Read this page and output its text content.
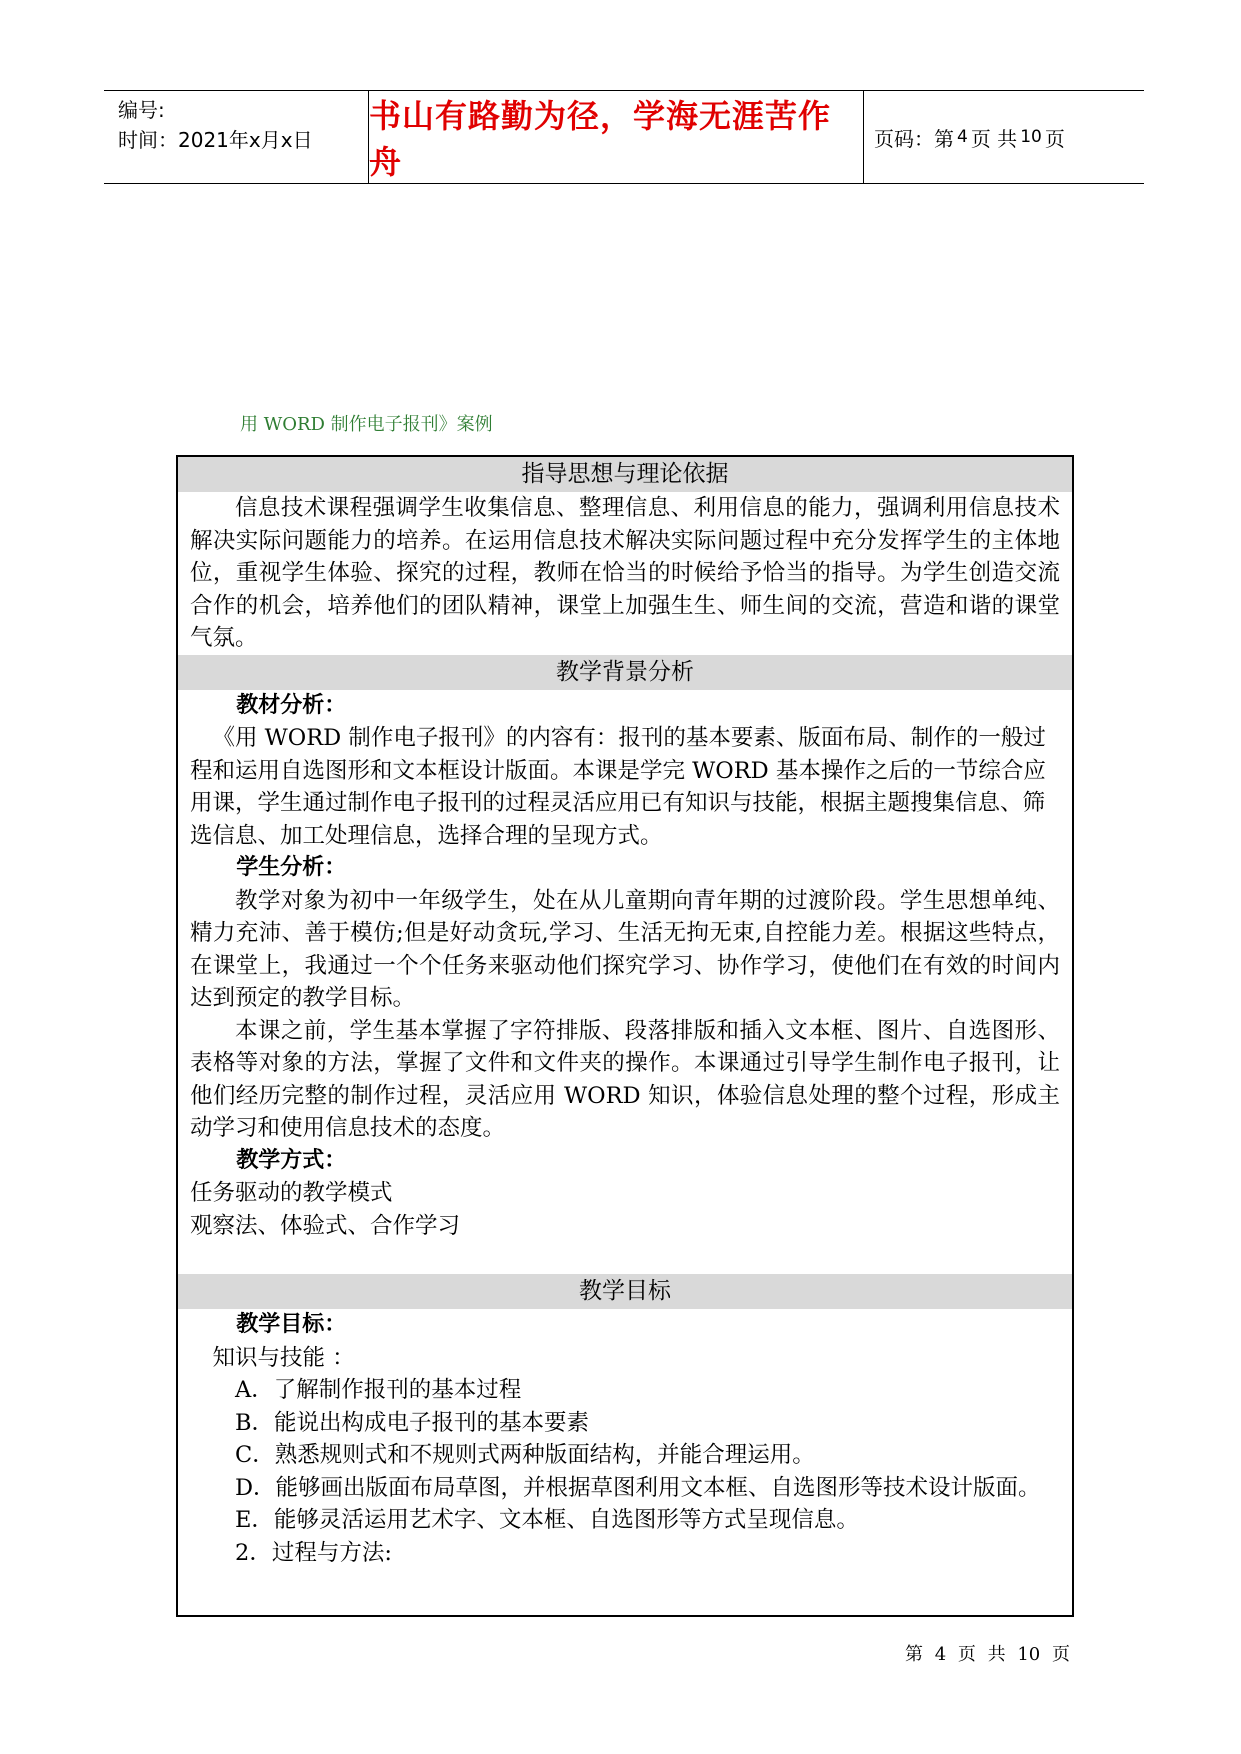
编号:
时间：2021年x月x日
书山有路勤为径，学海无涯苦作舟
页码：第 4 页 共 10 页
用 WORD 制作电子报刊》案例
指导思想与理论依据

信息技术课程强调学生收集信息、整理信息、利用信息的能力，强调利用信息技术解决实际问题能力的培养。在运用信息技术解决实际问题过程中充分发挥学生的主体地位，重视学生体验、探究的过程，教师在恰当的时候给予恰当的指导。为学生创造交流合作的机会，培养他们的团队精神，课堂上加强生生、师生间的交流，营造和谐的课堂气氛。

教学背景分析

教材分析：

《用 WORD 制作电子报刊》的内容有：报刊的基本要素、版面布局、制作的一般过程和运用自选图形和文本框设计版面。本课是学完 WORD 基本操作之后的一节综合应用课，学生通过制作电子报刊的过程灵活应用已有知识与技能，根据主题搜集信息、筛选信息、加工处理信息，选择合理的呈现方式。

学生分析：

教学对象为初中一年级学生，处在从儿童期向青年期的过渡阶段。学生思想单纯、精力充沛、善于模仿;但是好动贪玩,学习、生活无拘无束,自控能力差。根据这些特点，在课堂上，我通过一个个任务来驱动他们探究学习、协作学习，使他们在有效的时间内达到预定的教学目标。

本课之前，学生基本掌握了字符排版、段落排版和插入文本框、图片、自选图形、表格等对象的方法，掌握了文件和文件夹的操作。本课通过引导学生制作电子报刊，让他们经历完整的制作过程，灵活应用 WORD 知识，体验信息处理的整个过程，形成主动学习和使用信息技术的态度。

教学方式：

任务驱动的教学模式

观察法、体验式、合作学习

教学目标

教学目标：

知识与技能 ：

A．了解制作报刊的基本过程

B．能说出构成电子报刊的基本要素

C．熟悉规则式和不规则式两种版面结构，并能合理运用。

D．能够画出版面布局草图，并根据草图利用文本框、自选图形等技术设计版面。

E．能够灵活运用艺术字、文本框、自选图形等方式呈现信息。

2．过程与方法:

第 4 页 共 10 页
